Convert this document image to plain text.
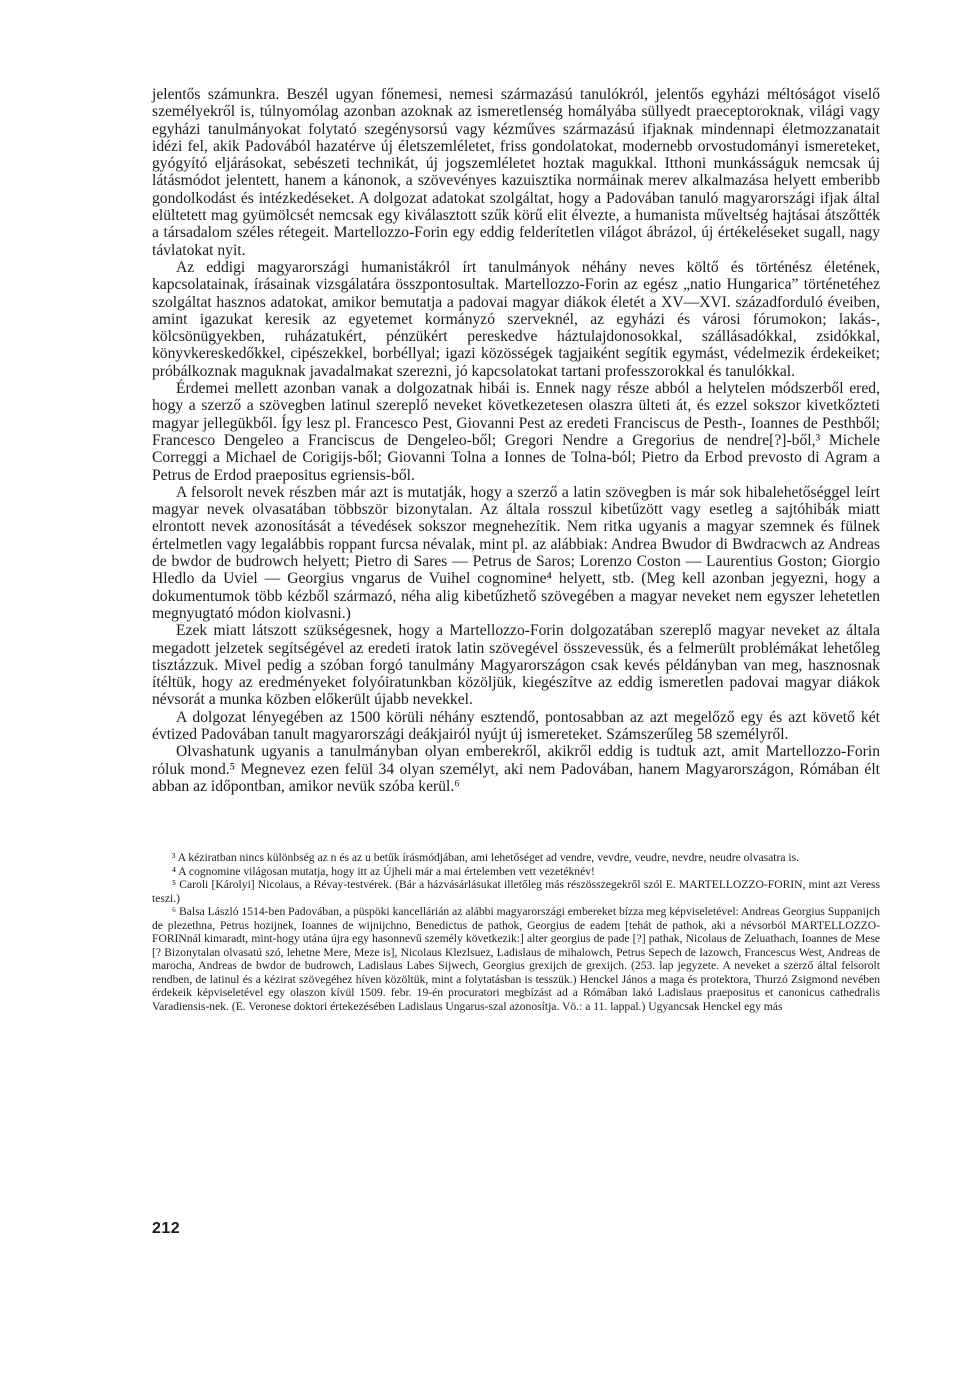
jelentős számunkra. Beszél ugyan főnemesi, nemesi származású tanulókról, jelentős egyházi méltóságot viselő személyekről is, túlnyomólag azonban azoknak az ismeretlenség homályába süllyedt praeceptoroknak, világi vagy egyházi tanulmányokat folytató szegénysorsú vagy kézműves származású ifjaknak mindennapi életmozzanatait idézi fel, akik Padovából hazatérve új életszemléletet, friss gondolatokat, modernebb orvostudományi ismereteket, gyógyító eljárásokat, sebészeti technikát, új jogszemléletet hoztak magukkal. Itthoni munkásságuk nemcsak új látásmódot jelentett, hanem a kánonok, a szövevényes kazuisztika normáinak merev alkalmazása helyett emberibb gondolkodást és intézkedéseket. A dolgozat adatokat szolgáltat, hogy a Padovában tanuló magyarországi ifjak által elültetett mag gyümölcsét nemcsak egy kiválasztott szűk körű elit élvezte, a humanista műveltség hajtásai átszőtték a társadalom széles rétegeit. Martellozzo-Forin egy eddig felderítetlen világot ábrázol, új értékeléseket sugall, nagy távlatokat nyit.

Az eddigi magyarországi humanistákról írt tanulmányok néhány neves költő és történész életének, kapcsolatainak, írásainak vizsgálatára összpontosultak. Martellozzo-Forin az egész „natio Hungarica” történetéhez szolgáltat hasznos adatokat, amikor bemutatja a padovai magyar diákok életét a XV—XVI. századforduló éveiben, amint igazukat keresik az egyetemet kormányzó szerveknél, az egyházi és városi fórumokon; lakás-, kölcsönügyekben, ruházatukért, pénzükért pereskedve háztulajdonosokkal, szállásadókkal, zsidókkal, könyvkereskedőkkel, cipészekkel, borbéllyal; igazi közösségek tagjaiként segítik egymást, védelmezik érdekeiket; próbálkoznak maguknak javadalmakat szerezni, jó kapcsolatokat tartani professzorokkal és tanulókkal.

Érdemei mellett azonban vanak a dolgozatnak hibái is. Ennek nagy része abból a helytelen módszerből ered, hogy a szerző a szövegben latinul szereplő neveket következetesen olaszra ülteti át, és ezzel sokszor kivetkőzteti magyar jellegükből. Így lesz pl. Francesco Pest, Giovanni Pest az eredeti Franciscus de Pesth-, Ioannes de Pesthből; Francesco Dengeleo a Franciscus de Dengeleo-ből; Gregori Nendre a Gregorius de nendre[?]-ből,³ Michele Correggi a Michael de Corigijs-ből; Giovanni Tolna a Ionnes de Tolna-ból; Pietro da Erbod prevosto di Agram a Petrus de Erdod praepositus egriensis-ből.

A felsorolt nevek részben már azt is mutatják, hogy a szerző a latin szövegben is már sok hibalehetőséggel leírt magyar nevek olvasatában többször bizonytalan. Az általa rosszul kibetűzött vagy esetleg a sajtóhibák miatt elrontott nevek azonosítását a tévedések sokszor megnehezítik. Nem ritka ugyanis a magyar szemnek és fülnek értelmetlen vagy legalábbis roppant furcsa névalak, mint pl. az alábbiak: Andrea Bwudor di Bwdracwch az Andreas de bwdor de budrowch helyett; Pietro di Sares — Petrus de Saros; Lorenzo Coston — Laurentius Goston; Giorgio Hledlo da Uviel — Georgius vngarus de Vuihel cognomine⁴ helyett, stb. (Meg kell azonban jegyezni, hogy a dokumentumok több kézből származó, néha alig kibetűzhető szövegében a magyar neveket nem egyszer lehetetlen megnyugtató módon kiolvasni.)

Ezek miatt látszott szükségesnek, hogy a Martellozzo-Forin dolgozatában szereplő magyar neveket az általa megadott jelzetek segítségével az eredeti iratok latin szövegével összevessük, és a felmerült problémákat lehetőleg tisztázzuk. Mivel pedig a szóban forgó tanulmány Magyarországon csak kevés példányban van meg, hasznosnak ítéltük, hogy az eredményeket folyóiratunkban közöljük, kiegészítve az eddig ismeretlen padovai magyar diákok névsorát a munka közben előkerült újabb nevekkel.

A dolgozat lényegében az 1500 körüli néhány esztendő, pontosabban az azt megelőző egy és azt követő két évtized Padovában tanult magyarországi deákjairól nyújt új ismereteket. Számszerűleg 58 személyről.

Olvashatunk ugyanis a tanulmányban olyan emberekről, akikről eddig is tudtuk azt, amit Martellozzo-Forin róluk mond.⁵ Megnevez ezen felül 34 olyan személyt, aki nem Padovában, hanem Magyarországon, Rómában élt abban az időpontban, amikor nevük szóba kerül.⁶

³ A kéziratban nincs különbség az n és az u betűk írásmódjában, ami lehetőséget ad vendre, vevdre, veudre, nevdre, neudre olvasatra is.

⁴ A cognomine világosan mutatja, hogy itt az Újheli már a mai értelemben vett vezetéknév!

⁵ Caroli [Károlyi] Nicolaus, a Révay-testvérek. (Bár a házvásárlásukat illetőleg más részösszegekről szól E. MARTELLOZZO-FORIN, mint azt Veress teszi.)

⁶ Balsa László 1514-ben Padovában, a püspöki kancellárián az alábbi magyarországi embereket bízza meg képviseletével: Andreas Georgius Suppanijch de plezethna, Petrus hozijnek, Ioannes de wijnijchno, Benedictus de pathok, Georgius de eadem [tehát de pathok, aki a névsorból MARTELLOZZO-FORINnál kimaradt, mint-hogy utána újra egy hasonnevű személy következik:] alter georgius de pade [?] pathak, Nicolaus de Zeluathach, Ioannes de Mese [? Bizonytalan olvasatú szó, lehetne Mere, Meze is], Nicolaus Klezlsuez, Ladislaus de mihalowch, Petrus Sepech de Iazowch, Francescus West, Andreas de marocha, Andreas de bwdor de budrowch, Ladislaus Labes Sijwech, Georgius grexijch de grexijch. (253. lap jegyzete. A neveket a szerző által felsorolt rendben, de latinul és a kézirat szövegéhez híven közöltük, mint a folytatásban is tesszük.) Henckel János a maga és protektora, Thurzó Zsigmond nevében érdekeik képviseletével egy olaszon kívül 1509. febr. 19-én procuratori megbízást ad a Rómában lakó Ladislaus praepositus et canonicus cathedralis Varadiensis-nek. (E. Veronese doktori értekezésében Ladislaus Ungarus-szal azonosítja. Vö.: a 11. lappal.) Ugyancsak Henckel egy más

212
